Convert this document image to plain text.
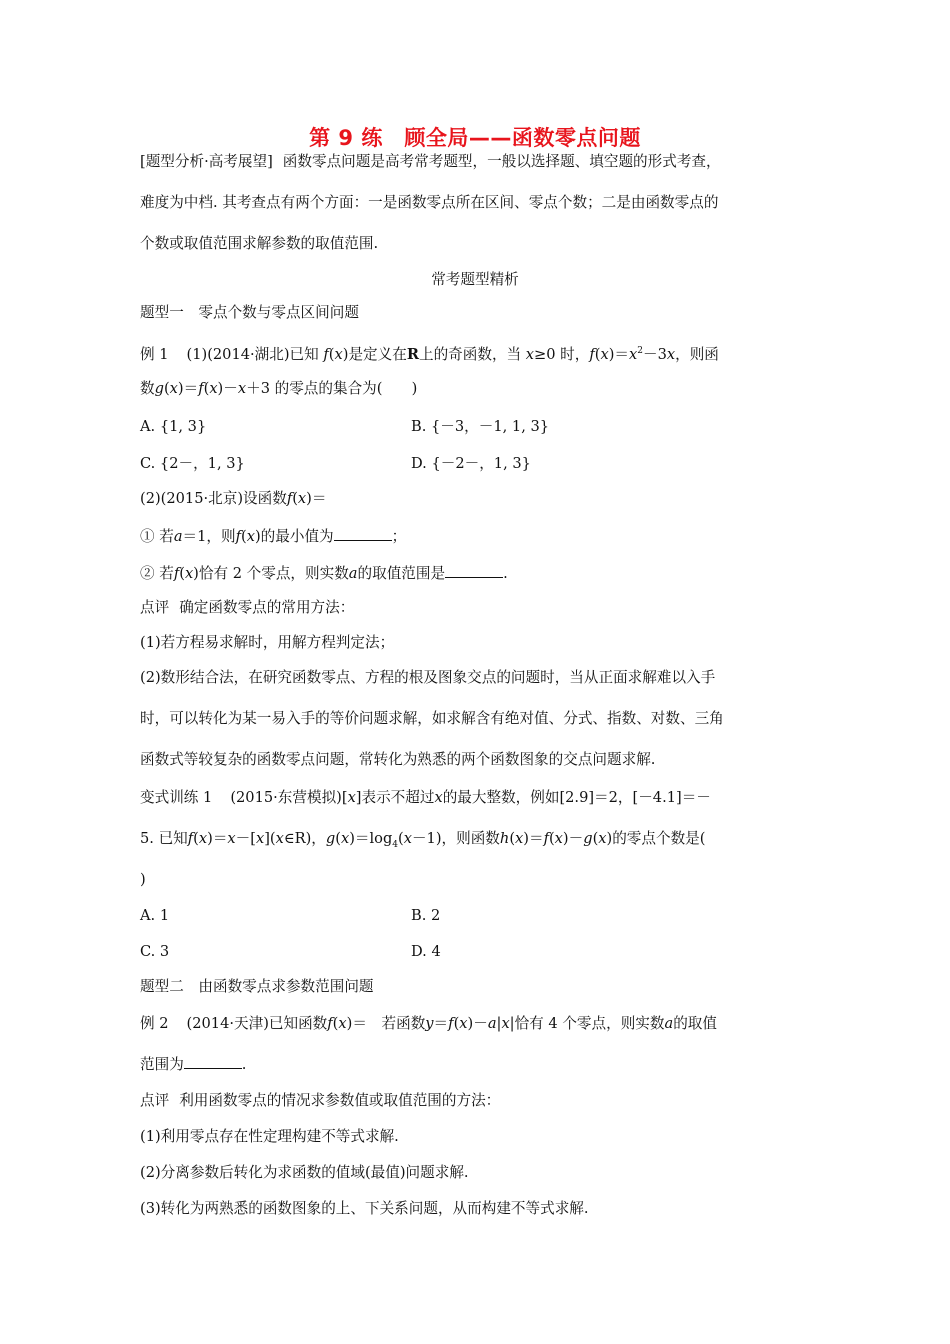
第 9 练　顾全局——函数零点问题
[题型分析·高考展望] 函数零点问题是高考常考题型，一般以选择题、填空题的形式考查，
难度为中档. 其考查点有两个方面：一是函数零点所在区间、零点个数；二是由函数零点的
个数或取值范围求解参数的取值范围.
常考题型精析
题型一　零点个数与零点区间问题
例 1 (1)(2014·湖北)已知 f(x)是定义在R上的奇函数，当 x≥0 时，$f(x)=x^2-3x$，则函
数g(x)＝f(x)－x＋3 的零点的集合为(　　)
A. {1, 3}	B. {－3，－1, 1, 3}
C. {2－，1, 3}	D. {－2－，1, 3}
(2)(2015·北京)设函数f(x)＝
① 若a＝1，则f(x)的最小值为	；
② 若f(x)恰有 2 个零点，则实数a的取值范围是	.
点评 确定函数零点的常用方法：
(1)若方程易求解时，用解方程判定法；
(2)数形结合法，在研究函数零点、方程的根及图象交点的问题时，当从正面求解难以入手
时，可以转化为某一易入手的等价问题求解，如求解含有绝对值、分式、指数、对数、三角
函数式等较复杂的函数零点问题，常转化为熟悉的两个函数图象的交点问题求解.
变式训练 1 (2015·东营模拟)[x]表示不超过x的最大整数，例如[2.9]＝2，[－4.1]＝－
5. 已知f(x)＝x－[x](x∈R)，$g(x)=\log_4(x-1)$，则函数h(x)＝f(x)－g(x)的零点个数是(
)
A. 1	B. 2
C. 3	D. 4
题型二　由函数零点求参数范围问题
例 2 (2014·天津)已知函数f(x)＝　若函数y＝f(x)－a|x|恰有 4 个零点，则实数a的取值
范围为	.
点评 利用函数零点的情况求参数值或取值范围的方法：
(1)利用零点存在性定理构建不等式求解.
(2)分离参数后转化为求函数的值域(最值)问题求解.
(3)转化为两熟悉的函数图象的上、下关系问题，从而构建不等式求解.
